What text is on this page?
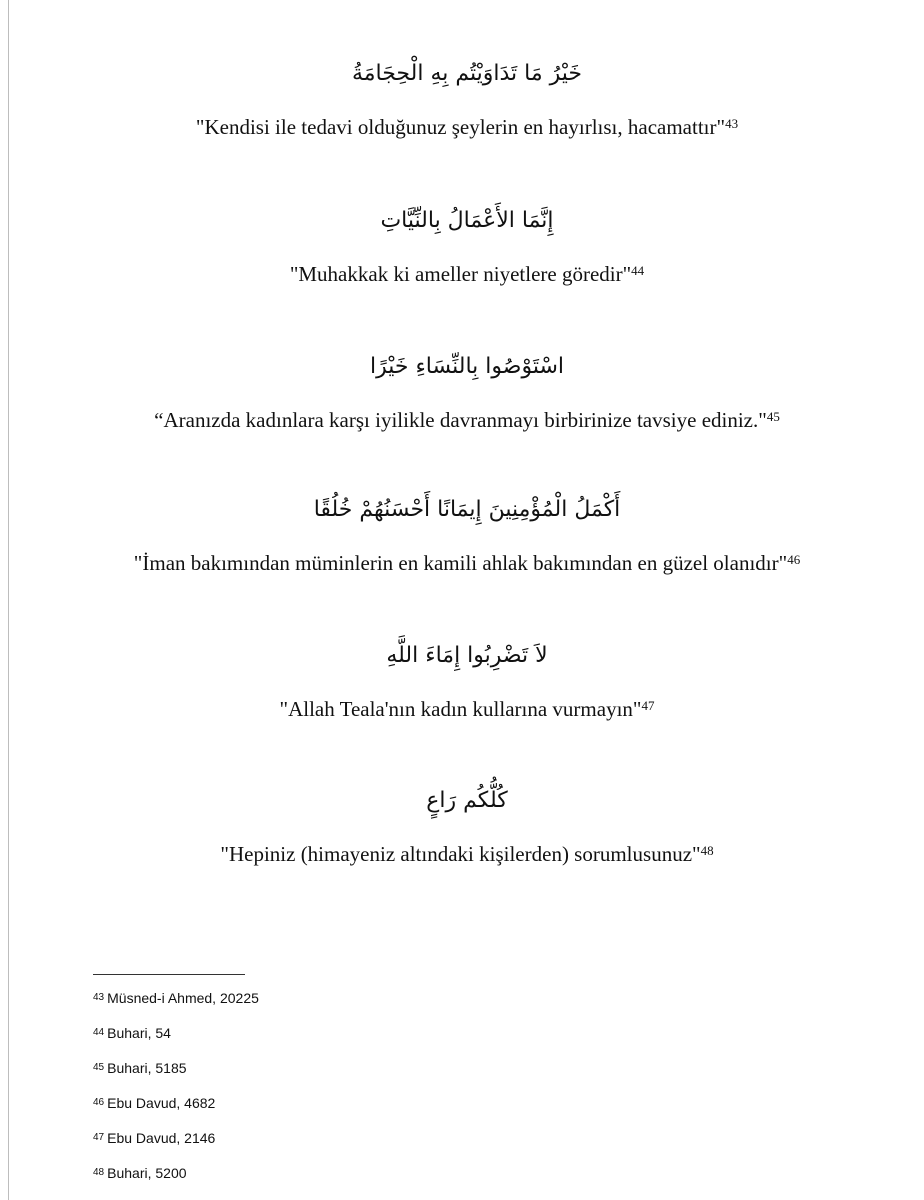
خَيْرُ مَا تَدَاوَيْتُم بِهِ الْحِجَامَةُ
"Kendisi ile tedavi olduğunuz şeylerin en hayırlısı, hacamattır"$^{43}$
إِنَّمَا الأَعْمَالُ بِالنِّيَّاتِ
"Muhakkak ki ameller niyetlere göredir"$^{44}$
اسْتَوْصُوا بِالنِّسَاءِ خَيْرًا
“Aranızda kadınlara karşı iyilikle davranmayı birbirinize tavsiye ediniz."$^{45}$
أَكْمَلُ الْمُؤْمِنِينَ إِيمَانًا أَحْسَنُهُمْ خُلُقًا
"İman bakımından müminlerin en kamili ahlak bakımından en güzel olanıdır"$^{46}$
لاَ تَضْرِبُوا إِمَاءَ اللَّهِ
"Allah Teala'nın kadın kullarına vurmayın"$^{47}$
كُلُّكُم رَاعٍ
"Hepiniz (himayeniz altındaki kişilerden) sorumlusunuz"$^{48}$
$^{43}$ Müsned-i Ahmed, 20225
$^{44}$ Buhari, 54
$^{45}$ Buhari, 5185
$^{46}$ Ebu Davud, 4682
$^{47}$ Ebu Davud, 2146
$^{48}$ Buhari, 5200
